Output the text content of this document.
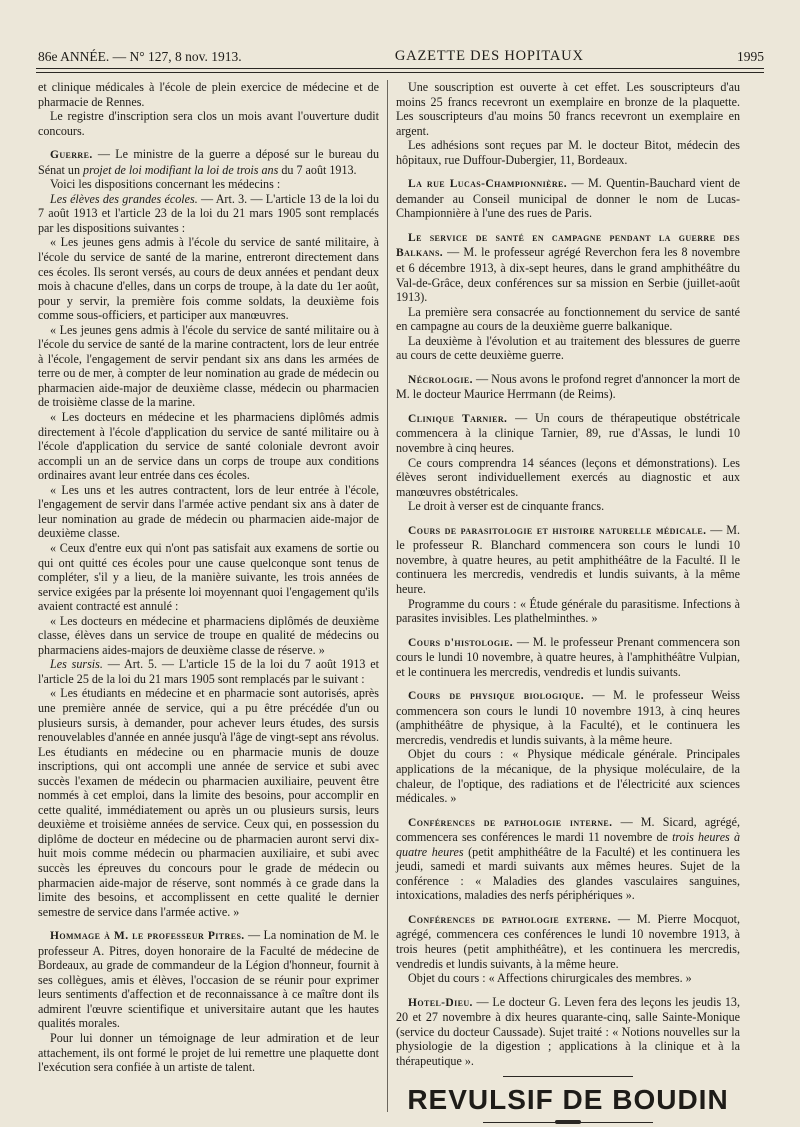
86e ANNÉE. — N° 127, 8 nov. 1913.	GAZETTE DES HOPITAUX	1995

et clinique médicales à l'école de plein exercice de médecine et de pharmacie de Rennes.

Le registre d'inscription sera clos un mois avant l'ouverture dudit concours.

Guerre. — Le ministre de la guerre a déposé sur le bureau du Sénat un projet de loi modifiant la loi de trois ans du 7 août 1913.

Voici les dispositions concernant les médecins :

Les élèves des grandes écoles. — Art. 3. — L'article 13 de la loi du 7 août 1913 et l'article 23 de la loi du 21 mars 1905 sont remplacés par les dispositions suivantes :

« Les jeunes gens admis à l'école du service de santé militaire, à l'école du service de santé de la marine, entreront directement dans ces écoles. Ils seront versés, au cours de deux années et pendant deux mois à chacune d'elles, dans un corps de troupe, à la date du 1er août, pour y servir, la première fois comme soldats, la deuxième fois comme sous-officiers, et participer aux manœuvres.

« Les jeunes gens admis à l'école du service de santé militaire ou à l'école du service de santé de la marine contractent, lors de leur entrée à l'école, l'engagement de servir pendant six ans dans les armées de terre ou de mer, à compter de leur nomination au grade de médecin ou pharmacien aide-major de deuxième classe, médecin ou pharmacien de troisième classe de la marine.

« Les docteurs en médecine et les pharmaciens diplômés admis directement à l'école d'application du service de santé militaire ou à l'école d'application du service de santé coloniale devront avoir accompli un an de service dans un corps de troupe aux conditions ordinaires avant leur entrée dans ces écoles.

« Les uns et les autres contractent, lors de leur entrée à l'école, l'engagement de servir dans l'armée active pendant six ans à dater de leur nomination au grade de médecin ou pharmacien aide-major de deuxième classe.

« Ceux d'entre eux qui n'ont pas satisfait aux examens de sortie ou qui ont quitté ces écoles pour une cause quelconque sont tenus de compléter, s'il y a lieu, de la manière suivante, les trois années de service exigées par la présente loi moyennant quoi l'engagement qu'ils avaient contracté est annulé :

« Les docteurs en médecine et pharmaciens diplômés de deuxième classe, élèves dans un service de troupe en qualité de médecins ou pharmaciens aides-majors de deuxième classe de réserve. »

Les sursis. — Art. 5. — L'article 15 de la loi du 7 août 1913 et l'article 25 de la loi du 21 mars 1905 sont remplacés par le suivant :

« Les étudiants en médecine et en pharmacie sont autorisés, après une première année de service, qui a pu être précédée d'un ou plusieurs sursis, à demander, pour achever leurs études, des sursis renouvelables d'année en année jusqu'à l'âge de vingt-sept ans révolus. Les étudiants en médecine ou en pharmacie munis de douze inscriptions, qui ont accompli une année de service et subi avec succès l'examen de médecin ou pharmacien auxiliaire, peuvent être nommés à cet emploi, dans la limite des besoins, pour accomplir en cette qualité, immédiatement ou après un ou plusieurs sursis, leurs deuxième et troisième années de service. Ceux qui, en possession du diplôme de docteur en médecine ou de pharmacien auront servi dix-huit mois comme médecin ou pharmacien auxiliaire, et subi avec succès les épreuves du concours pour le grade de médecin ou pharmacien aide-major de réserve, sont nommés à ce grade dans la limite des besoins, et accomplissent en cette qualité le dernier semestre de service dans l'armée active. »

Hommage à M. le professeur Pitres. — La nomination de M. le professeur A. Pitres, doyen honoraire de la Faculté de médecine de Bordeaux, au grade de commandeur de la Légion d'honneur, fournit à ses collègues, amis et élèves, l'occasion de se réunir pour exprimer leurs sentiments d'affection et de reconnaissance à ce maître dont ils admirent l'œuvre scientifique et universitaire autant que les hautes qualités morales.

Pour lui donner un témoignage de leur admiration et de leur attachement, ils ont formé le projet de lui remettre une plaquette dont l'exécution sera confiée à un artiste de talent.

Une souscription est ouverte à cet effet. Les souscripteurs d'au moins 25 francs recevront un exemplaire en bronze de la plaquette. Les souscripteurs d'au moins 50 francs recevront un exemplaire en argent.

Les adhésions sont reçues par M. le docteur Bitot, médecin des hôpitaux, rue Duffour-Dubergier, 11, Bordeaux.

La rue Lucas-Championnière. — M. Quentin-Bauchard vient de demander au Conseil municipal de donner le nom de Lucas-Championnière à l'une des rues de Paris.

Le service de santé en campagne pendant la guerre des Balkans. — M. le professeur agrégé Reverchon fera les 8 novembre et 6 décembre 1913, à dix-sept heures, dans le grand amphithéâtre du Val-de-Grâce, deux conférences sur sa mission en Serbie (juillet-août 1913).

La première sera consacrée au fonctionnement du service de santé en campagne au cours de la deuxième guerre balkanique.

La deuxième à l'évolution et au traitement des blessures de guerre au cours de cette deuxième guerre.

Nécrologie. — Nous avons le profond regret d'annoncer la mort de M. le docteur Maurice Herrmann (de Reims).

Clinique Tarnier. — Un cours de thérapeutique obstétricale commencera à la clinique Tarnier, 89, rue d'Assas, le lundi 10 novembre à cinq heures.

Ce cours comprendra 14 séances (leçons et démonstrations). Les élèves seront individuellement exercés au diagnostic et aux manœuvres obstétricales.

Le droit à verser est de cinquante francs.

Cours de parasitologie et histoire naturelle médicale. — M. le professeur R. Blanchard commencera son cours le lundi 10 novembre, à quatre heures, au petit amphithéâtre de la Faculté. Il le continuera les mercredis, vendredis et lundis suivants, à la même heure.

Programme du cours : « Étude générale du parasitisme. Infections à parasites invisibles. Les plathelminthes. »

Cours d'histologie. — M. le professeur Prenant commencera son cours le lundi 10 novembre, à quatre heures, à l'amphithéâtre Vulpian, et le continuera les mercredis, vendredis et lundis suivants.

Cours de physique biologique. — M. le professeur Weiss commencera son cours le lundi 10 novembre 1913, à cinq heures (amphithéâtre de physique, à la Faculté), et le continuera les mercredis, vendredis et lundis suivants, à la même heure.

Objet du cours : « Physique médicale générale. Principales applications de la mécanique, de la physique moléculaire, de la chaleur, de l'optique, des radiations et de l'électricité aux sciences médicales. »

Conférences de pathologie interne. — M. Sicard, agrégé, commencera ses conférences le mardi 11 novembre de trois heures à quatre heures (petit amphithéâtre de la Faculté) et les continuera les jeudi, samedi et mardi suivants aux mêmes heures. Sujet de la conférence : « Maladies des glandes vasculaires sanguines, intoxications, maladies des nerfs périphériques ».

Conférences de pathologie externe. — M. Pierre Mocquot, agrégé, commencera ces conférences le lundi 10 novembre 1913, à trois heures (petit amphithéâtre), et les continuera les mercredis, vendredis et lundis suivants, à la même heure.

Objet du cours : « Affections chirurgicales des membres. »

Hotel-Dieu. — Le docteur G. Leven fera des leçons les jeudis 13, 20 et 27 novembre à dix heures quarante-cinq, salle Sainte-Monique (service du docteur Caussade). Sujet traité : « Notions nouvelles sur la physiologie de la digestion ; applications à la clinique et à la thérapeutique ».

REVULSIF DE BOUDIN
